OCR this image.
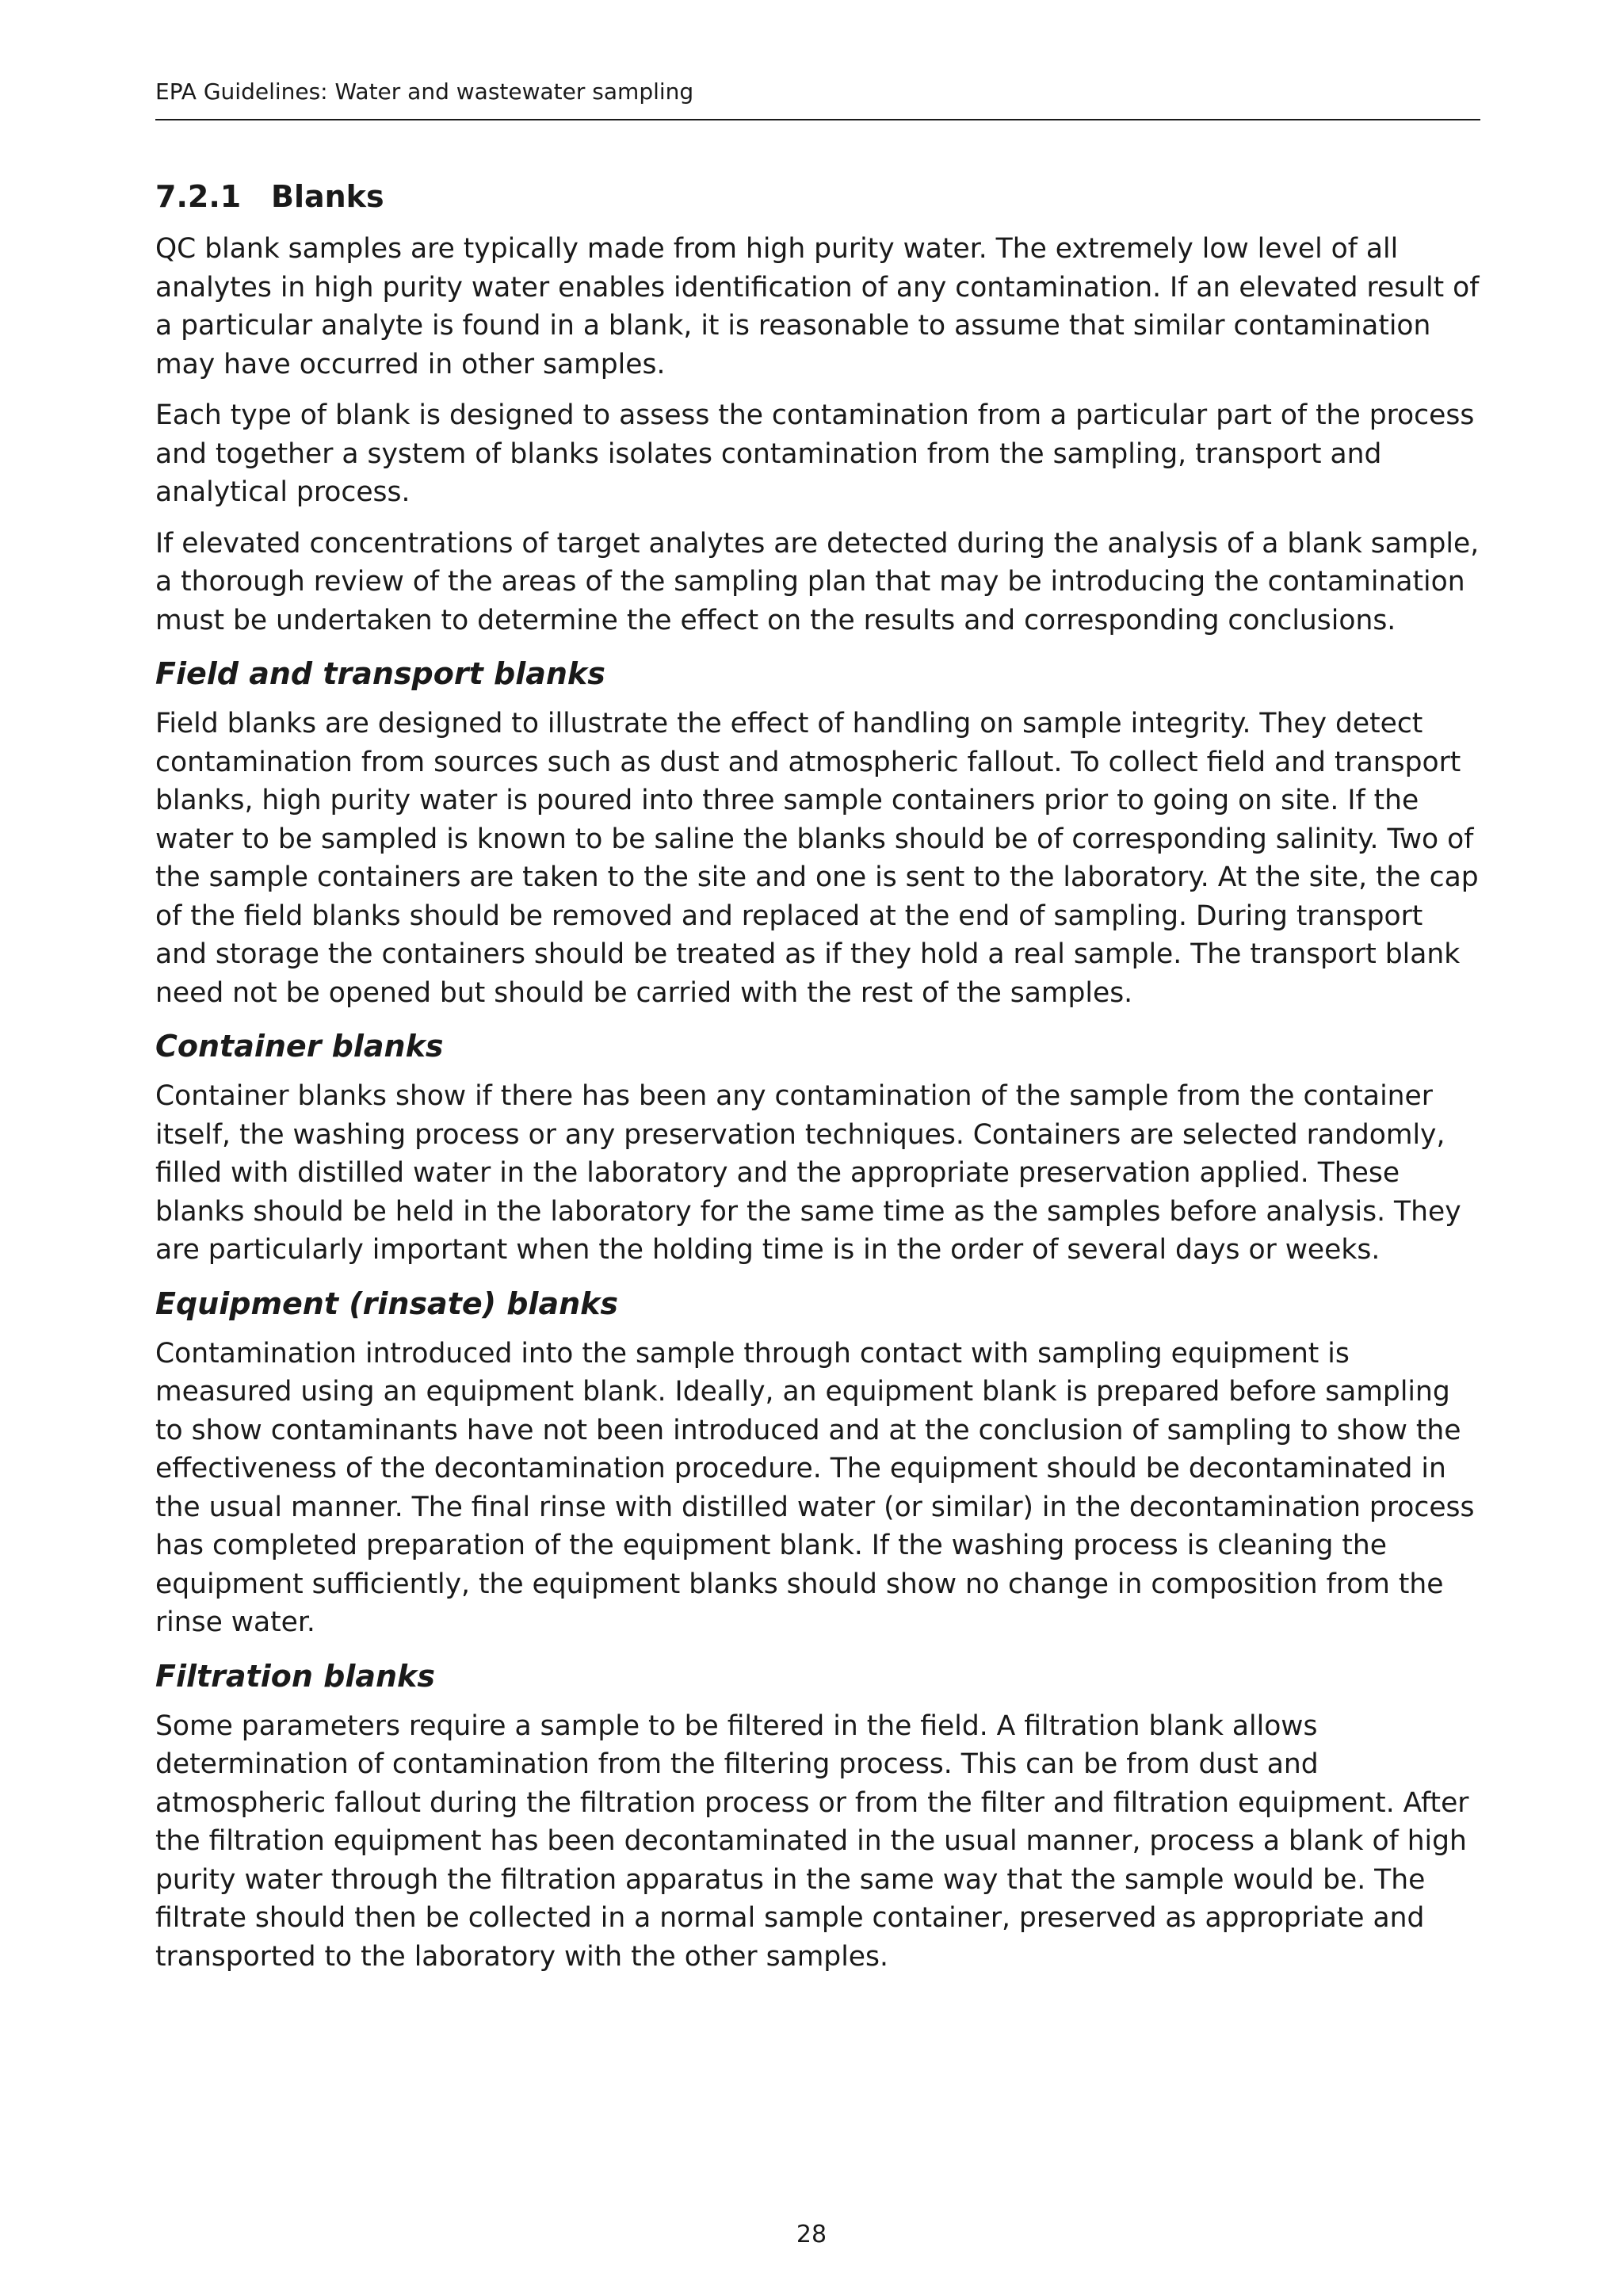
EPA Guidelines: Water and wastewater sampling
7.2.1 Blanks

QC blank samples are typically made from high purity water. The extremely low level of all analytes in high purity water enables identification of any contamination. If an elevated result of a particular analyte is found in a blank, it is reasonable to assume that similar contamination may have occurred in other samples.

Each type of blank is designed to assess the contamination from a particular part of the process and together a system of blanks isolates contamination from the sampling, transport and analytical process.

If elevated concentrations of target analytes are detected during the analysis of a blank sample, a thorough review of the areas of the sampling plan that may be introducing the contamination must be undertaken to determine the effect on the results and corresponding conclusions.

Field and transport blanks

Field blanks are designed to illustrate the effect of handling on sample integrity. They detect contamination from sources such as dust and atmospheric fallout. To collect field and transport blanks, high purity water is poured into three sample containers prior to going on site. If the water to be sampled is known to be saline the blanks should be of corresponding salinity. Two of the sample containers are taken to the site and one is sent to the laboratory. At the site, the cap of the field blanks should be removed and replaced at the end of sampling. During transport and storage the containers should be treated as if they hold a real sample. The transport blank need not be opened but should be carried with the rest of the samples.

Container blanks

Container blanks show if there has been any contamination of the sample from the container itself, the washing process or any preservation techniques. Containers are selected randomly, filled with distilled water in the laboratory and the appropriate preservation applied. These blanks should be held in the laboratory for the same time as the samples before analysis. They are particularly important when the holding time is in the order of several days or weeks.

Equipment (rinsate) blanks

Contamination introduced into the sample through contact with sampling equipment is measured using an equipment blank. Ideally, an equipment blank is prepared before sampling to show contaminants have not been introduced and at the conclusion of sampling to show the effectiveness of the decontamination procedure. The equipment should be decontaminated in the usual manner. The final rinse with distilled water (or similar) in the decontamination process has completed preparation of the equipment blank. If the washing process is cleaning the equipment sufficiently, the equipment blanks should show no change in composition from the rinse water.

Filtration blanks

Some parameters require a sample to be filtered in the field. A filtration blank allows determination of contamination from the filtering process. This can be from dust and atmospheric fallout during the filtration process or from the filter and filtration equipment. After the filtration equipment has been decontaminated in the usual manner, process a blank of high purity water through the filtration apparatus in the same way that the sample would be. The filtrate should then be collected in a normal sample container, preserved as appropriate and transported to the laboratory with the other samples.

28
